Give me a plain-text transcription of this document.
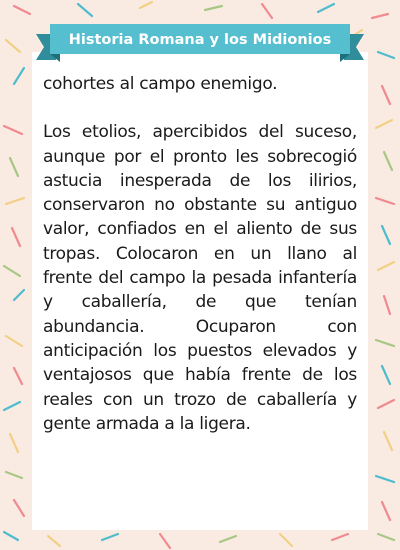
Historia Romana y los Midionios

cohortes al campo enemigo.

Los etolios, apercibidos del suceso, aunque por el pronto les sobrecogió astucia inesperada de los ilirios, conservaron no obstante su antiguo valor, confiados en el aliento de sus tropas. Colocaron en un llano al frente del campo la pesada infantería y caballería, de que tenían abundancia. Ocuparon con anticipación los puestos elevados y ventajosos que había frente de los reales con un trozo de caballería y gente armada a la ligera.
